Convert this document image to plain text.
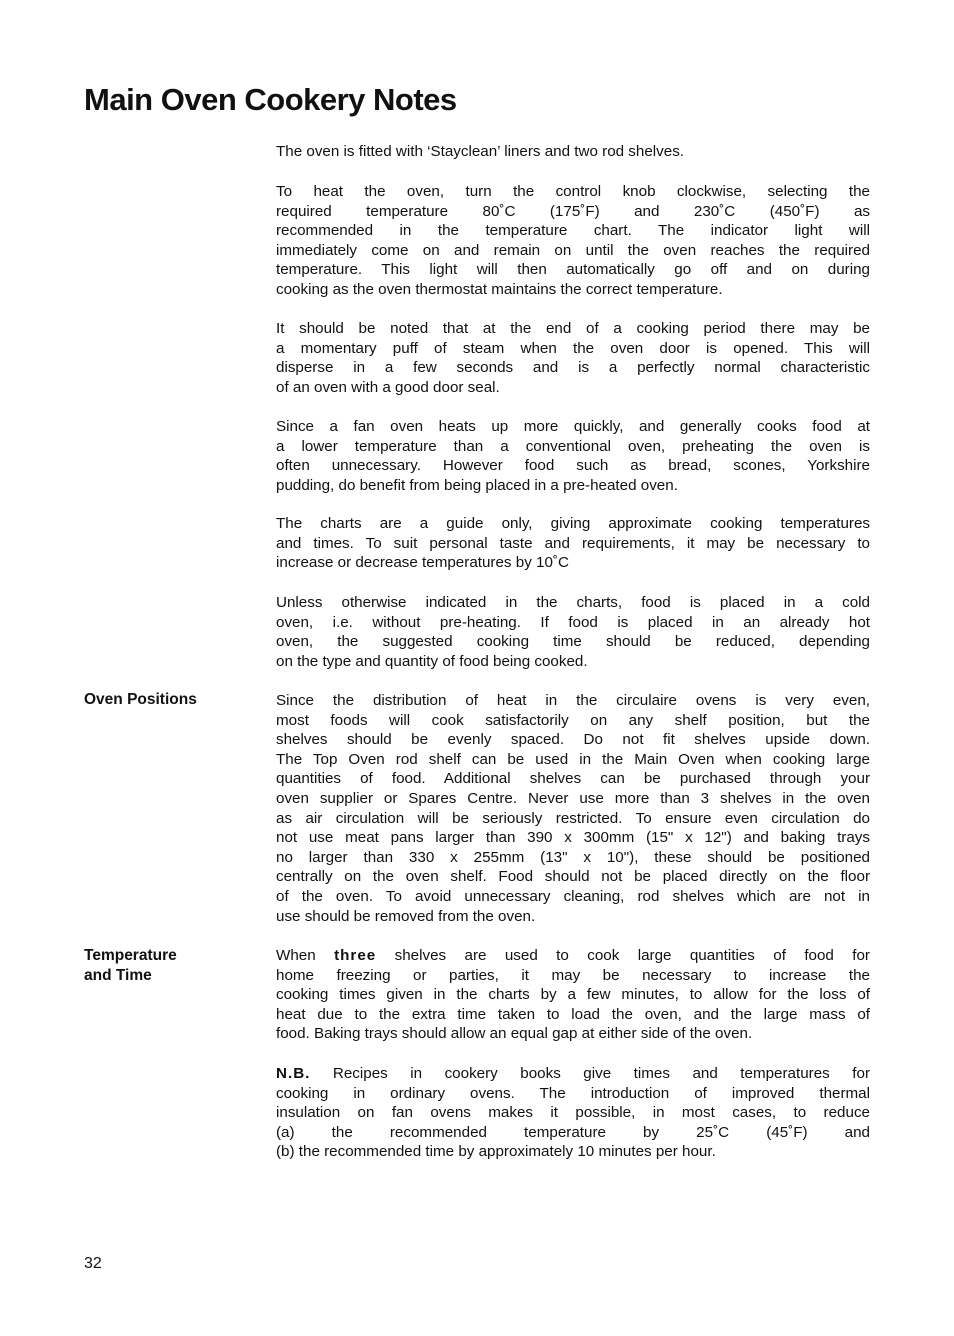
Main Oven Cookery Notes
Oven Positions
Temperature
and Time
The oven is fitted with ‘Stayclean’ liners and two rod shelves.
To heat the oven, turn the control knob clockwise, selecting the
required temperature 80˚C (175˚F) and 230˚C (450˚F) as
recommended in the temperature chart. The indicator light will
immediately come on and remain on until the oven reaches the required
temperature. This light will then automatically go off and on during
cooking as the oven thermostat maintains the correct temperature.
It should be noted that at the end of a cooking period there may be
a momentary puff of steam when the oven door is opened. This will
disperse in a few seconds and is a perfectly normal characteristic
of an oven with a good door seal.
Since a fan oven heats up more quickly, and generally cooks food at
a lower temperature than a conventional oven, preheating the oven is
often unnecessary. However food such as bread, scones, Yorkshire
pudding, do benefit from being placed in a pre-heated oven.
The charts are a guide only, giving approximate cooking temperatures
and times. To suit personal taste and requirements, it may be necessary to
increase or decrease temperatures by 10˚C
Unless otherwise indicated in the charts, food is placed in a cold
oven, i.e. without pre-heating. If food is placed in an already hot
oven, the suggested cooking time should be reduced, depending
on the type and quantity of food being cooked.
Since the distribution of heat in the circulaire ovens is very even,
most foods will cook satisfactorily on any shelf position, but the
shelves should be evenly spaced. Do not fit shelves upside down.
The Top Oven rod shelf can be used in the Main Oven when cooking large
quantities of food. Additional shelves can be purchased through your
oven supplier or Spares Centre. Never use more than 3 shelves in the oven
as air circulation will be seriously restricted. To ensure even circulation do
not use meat pans larger than 390 x 300mm (15" x 12") and baking trays
no larger than 330 x 255mm (13" x 10"), these should be positioned
centrally on the oven shelf. Food should not be placed directly on the floor
of the oven. To avoid unnecessary cleaning, rod shelves which are not in
use should be removed from the oven.
When three shelves are used to cook large quantities of food for
home freezing or parties, it may be necessary to increase the
cooking times given in the charts by a few minutes, to allow for the loss of
heat due to the extra time taken to load the oven, and the large mass of
food. Baking trays should allow an equal gap at either side of the oven.
N.B. Recipes in cookery books give times and temperatures for
cooking in ordinary ovens. The introduction of improved thermal
insulation on fan ovens makes it possible, in most cases, to reduce
(a) the recommended temperature by 25˚C (45˚F) and
(b) the recommended time by approximately 10 minutes per hour.
32
